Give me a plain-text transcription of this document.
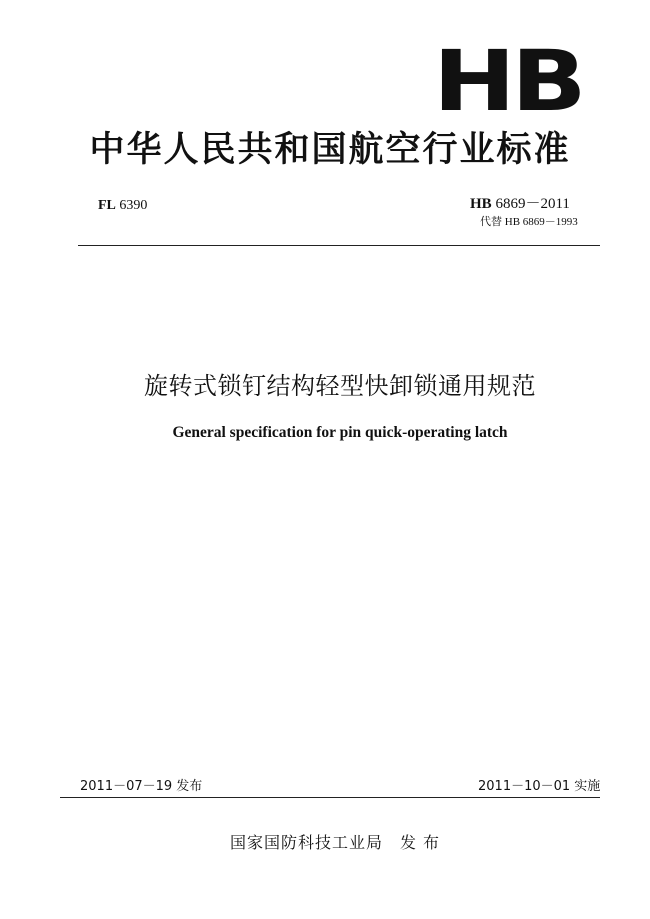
HB
中华人民共和国航空行业标准
FL 6390	HB 6869－2011
代替 HB 6869－1993
旋转式锁钉结构轻型快卸锁通用规范
General specification for pin quick-operating latch
2011－07－19 发布	2011－10－01 实施
国家国防科技工业局　发 布
